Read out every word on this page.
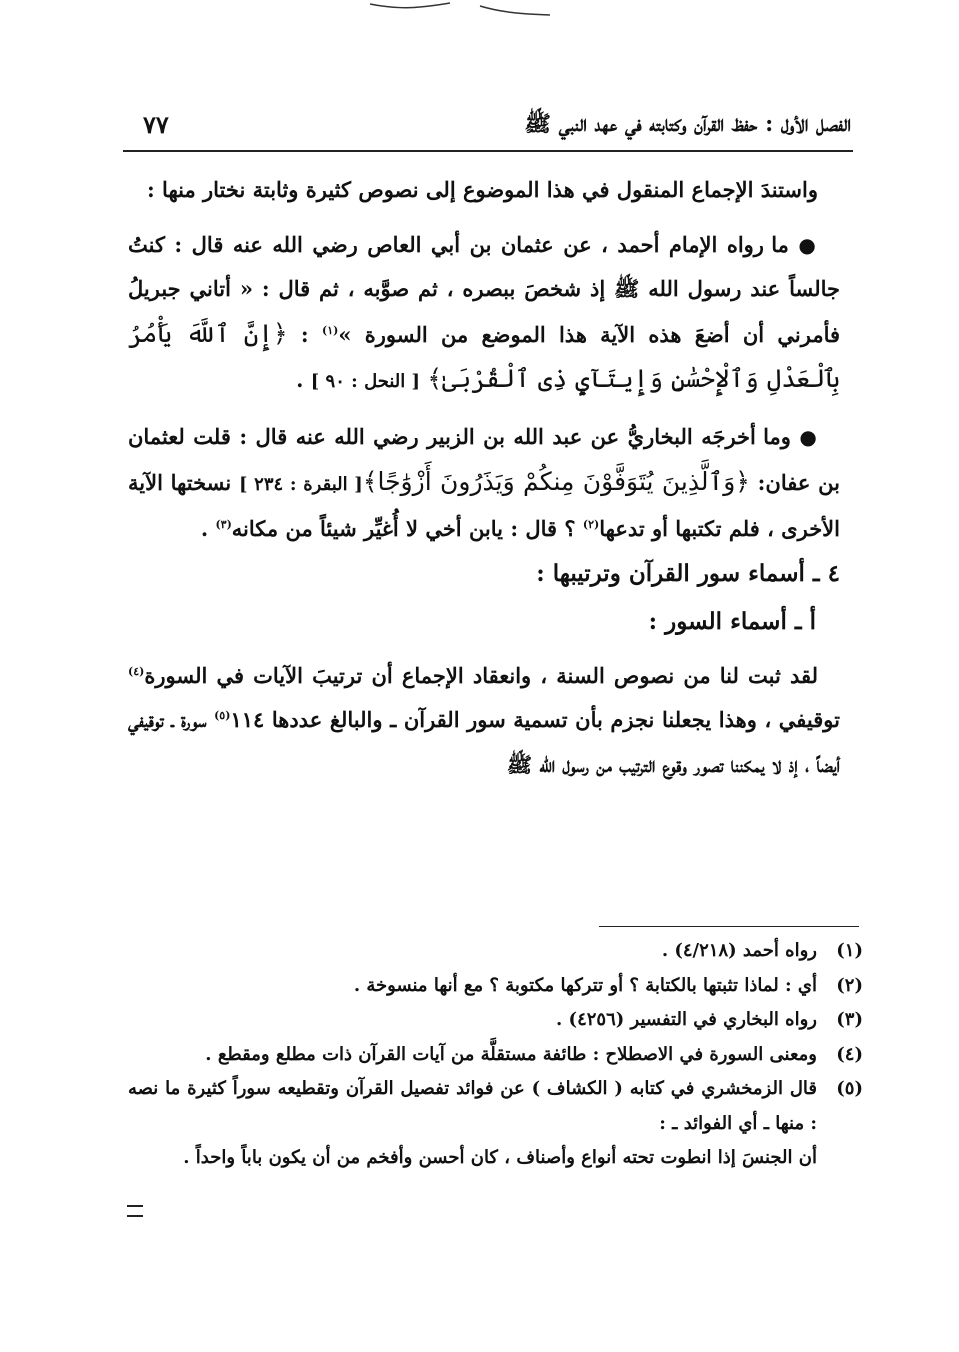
الفصل الأول : حفظ القرآن وكتابته في عهد النبي ﷺ
٧٧

واستندَ الإجماع المنقول في هذا الموضوع إلى نصوص كثيرة وثابتة نختار منها :

● ما رواه الإمام أحمد ، عن عثمان بن أبي العاص رضي الله عنه قال : كنتُ جالساً عند رسول الله ﷺ إذ شخصَ ببصره ، ثم صوَّبه ، ثم قال : « أتاني جبريلُ فأمرني أن أضعَ هذه الآية هذا الموضع من السورة »$^{(١)}$ : ﴿إِنَّ ٱللَّهَ يَأْمُرُ بِٱلْعَدْلِ وَٱلْإِحْسَٰنِ وَإِيتَآيِٕ ذِى ٱلْقُرْبَىٰ﴾ [ النحل : ٩٠ ] .

● وما أخرجَه البخاريُّ عن عبد الله بن الزبير رضي الله عنه قال : قلت لعثمان بن عفان: ﴿وَٱلَّذِينَ يُتَوَفَّوْنَ مِنكُمْ وَيَذَرُونَ أَزْوَٰجًا﴾[ البقرة : ٢٣٤ ] نسختها الآية الأخرى ، فلم تكتبها أو تدعها$^{(٢)}$ ؟ قال : يابن أخي لا أُغيِّر شيئاً من مكانه$^{(٣)}$ .

٤ ـ أسماء سور القرآن وترتيبها :

أ ـ أسماء السور :

لقد ثبت لنا من نصوص السنة ، وانعقاد الإجماع أن ترتيبَ الآيات في السورة$^{(٤)}$ توقيفي ، وهذا يجعلنا نجزم بأن تسمية سور القرآن ـ والبالغ عددها ١١٤$^{(٥)}$ سورة ـ توقيفي أيضاً ، إذ لا يمكننا تصور وقوع الترتيب من رسول الله ﷺ

(١)
رواه أحمد (٤/٢١٨) .
(٢)
أي : لماذا تثبتها بالكتابة ؟ أو تتركها مكتوبة ؟ مع أنها منسوخة .
(٣)
رواه البخاري في التفسير (٤٢٥٦) .
(٤)
ومعنى السورة في الاصطلاح : طائفة مستقلَّة من آيات القرآن ذات مطلع ومقطع .
(٥)
قال الزمخشري في كتابه ( الكشاف ) عن فوائد تفصيل القرآن وتقطيعه سوراً كثيرة ما نصه : منها ـ أي الفوائد ـ :
أن الجنسَ إذا انطوت تحته أنواع وأصناف ، كان أحسن وأفخم من أن يكون باباً واحداً .
